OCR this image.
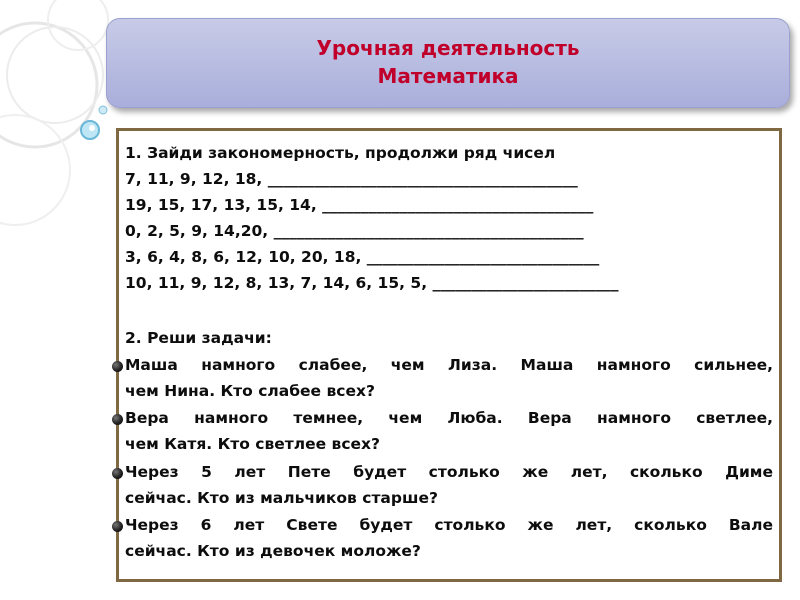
Урочная деятельность
Математика
1. Зайди закономерность, продолжи ряд чисел
7, 11, 9, 12, 18, ________________________________________
19, 15, 17, 13, 15, 14, ___________________________________
0, 2, 5, 9, 14,20, ________________________________________
3, 6, 4, 8, 6, 12, 10, 20, 18, ______________________________
10, 11, 9, 12, 8, 13, 7, 14, 6, 15, 5, ________________________
2. Реши задачи:
Маша намного слабее, чем Лиза. Маша намного сильнее,
чем Нина. Кто слабее всех?
Вера намного темнее, чем Люба. Вера намного светлее,
чем Катя. Кто светлее всех?
Через 5 лет Пете будет столько же лет, сколько Диме
сейчас. Кто из мальчиков старше?
Через 6 лет Свете будет столько же лет, сколько Вале
сейчас. Кто из девочек моложе?
